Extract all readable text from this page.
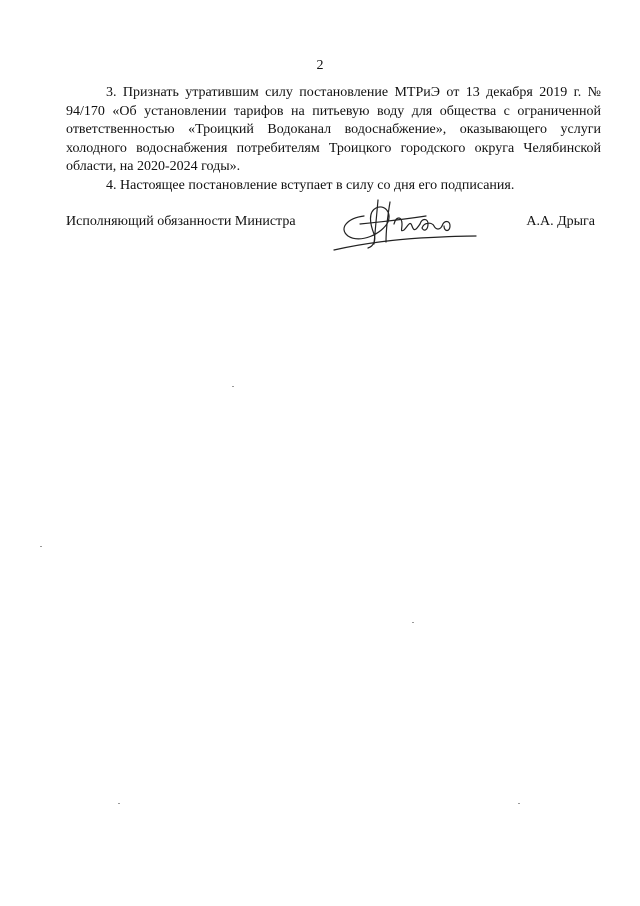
2

3. Признать утратившим силу постановление МТРиЭ от 13 декабря 2019 г. № 94/170 «Об установлении тарифов на питьевую воду для общества с ограниченной ответственностью «Троицкий Водоканал водоснабжение», оказывающего услуги холодного водоснабжения потребителям Троицкого городского округа Челябинской области, на 2020-2024 годы».

4. Настоящее постановление вступает в силу со дня его подписания.

Исполняющий обязанности Министра	А.А. Дрыга
